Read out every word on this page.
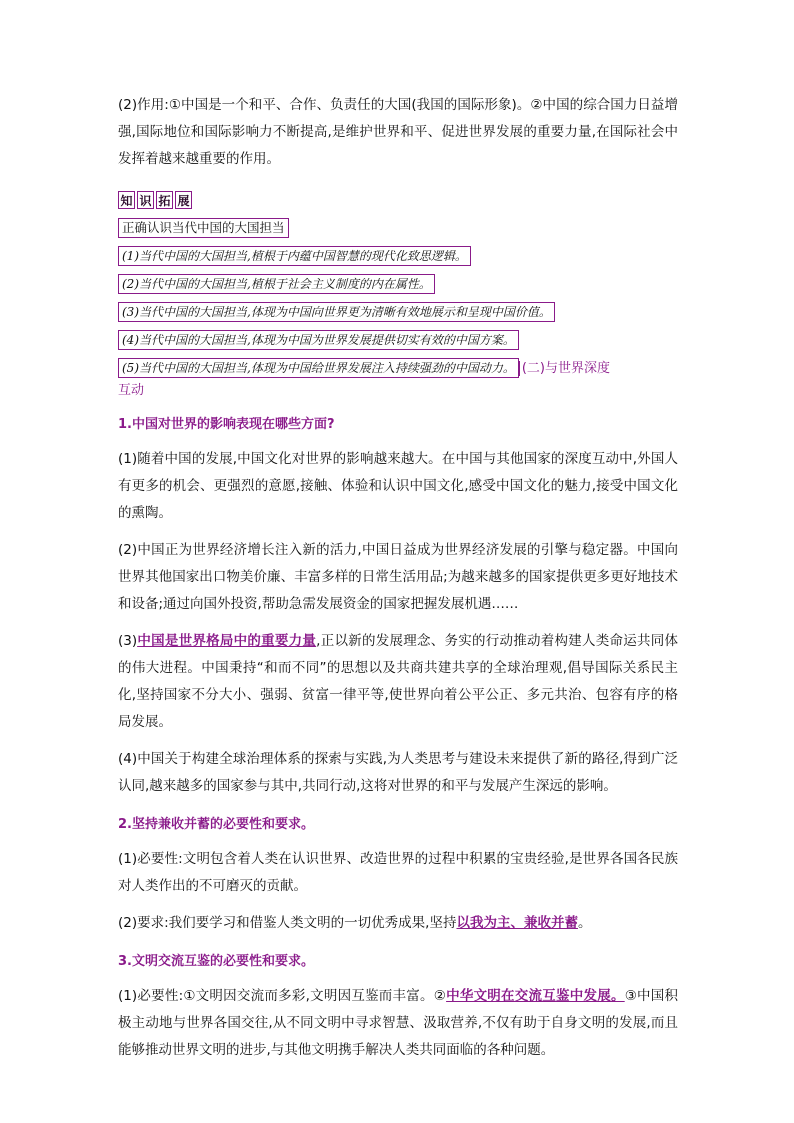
(2)作用:①中国是一个和平、合作、负责任的大国(我国的国际形象)。②中国的综合国力日益增强,国际地位和国际影响力不断提高,是维护世界和平、促进世界发展的重要力量,在国际社会中发挥着越来越重要的作用。

知 识 拓 展
正确认识当代中国的大国担当
(1)当代中国的大国担当,植根于内蕴中国智慧的现代化致思逻辑。
(2)当代中国的大国担当,植根于社会主义制度的内在属性。
(3)当代中国的大国担当,体现为中国向世界更为清晰有效地展示和呈现中国价值。
(4)当代中国的大国担当,体现为中国为世界发展提供切实有效的中国方案。
(5)当代中国的大国担当,体现为中国给世界发展注入持续强劲的中国动力。 (二)与世界深度
互动

1.中国对世界的影响表现在哪些方面?

(1)随着中国的发展,中国文化对世界的影响越来越大。在中国与其他国家的深度互动中,外国人有更多的机会、更强烈的意愿,接触、体验和认识中国文化,感受中国文化的魅力,接受中国文化的熏陶。

(2)中国正为世界经济增长注入新的活力,中国日益成为世界经济发展的引擎与稳定器。中国向世界其他国家出口物美价廉、丰富多样的日常生活用品;为越来越多的国家提供更多更好地技术和设备;通过向国外投资,帮助急需发展资金的国家把握发展机遇……

(3)中国是世界格局中的重要力量,正以新的发展理念、务实的行动推动着构建人类命运共同体的伟大进程。中国秉持“和而不同”的思想以及共商共建共享的全球治理观,倡导国际关系民主化,坚持国家不分大小、强弱、贫富一律平等,使世界向着公平公正、多元共治、包容有序的格局发展。

(4)中国关于构建全球治理体系的探索与实践,为人类思考与建设未来提供了新的路径,得到广泛认同,越来越多的国家参与其中,共同行动,这将对世界的和平与发展产生深远的影响。

2.坚持兼收并蓄的必要性和要求。

(1)必要性:文明包含着人类在认识世界、改造世界的过程中积累的宝贵经验,是世界各国各民族对人类作出的不可磨灭的贡献。

(2)要求:我们要学习和借鉴人类文明的一切优秀成果,坚持以我为主、兼收并蓄。

3.文明交流互鉴的必要性和要求。

(1)必要性:①文明因交流而多彩,文明因互鉴而丰富。②中华文明在交流互鉴中发展。③中国积极主动地与世界各国交往,从不同文明中寻求智慧、汲取营养,不仅有助于自身文明的发展,而且能够推动世界文明的进步,与其他文明携手解决人类共同面临的各种问题。
